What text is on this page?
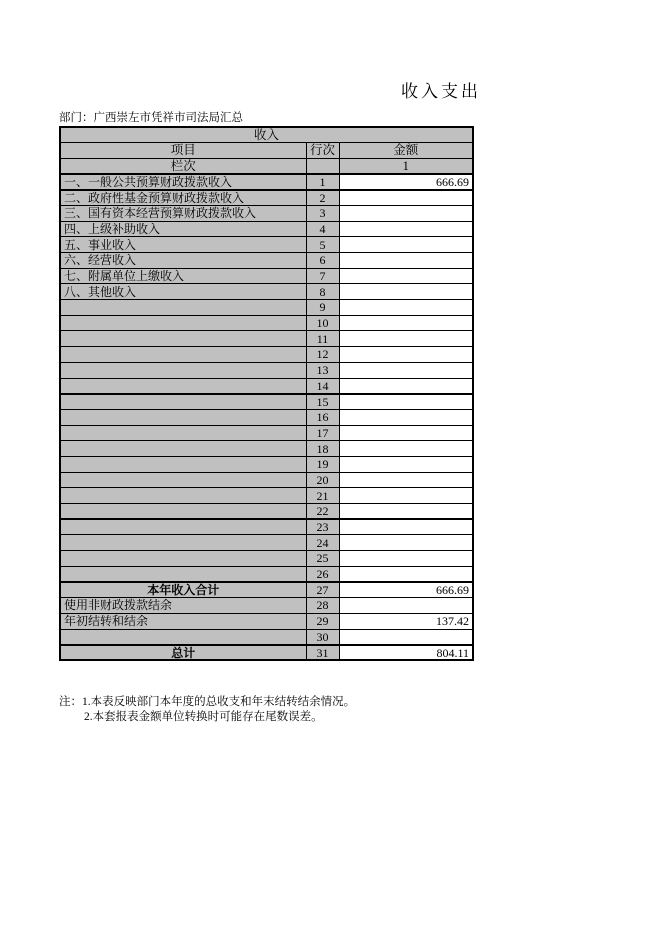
收入支出
部门：广西崇左市凭祥市司法局汇总
收入		
项目	行次	金额
栏次		1
一、一般公共预算财政拨款收入	1	666.69
二、政府性基金预算财政拨款收入	2	
三、国有资本经营预算财政拨款收入	3	
四、上级补助收入	4	
五、事业收入	5	
六、经营收入	6	
七、附属单位上缴收入	7	
八、其他收入	8	
	9	
	10	
	11	
	12	
	13	
	14	
	15	
	16	
	17	
	18	
	19	
	20	
	21	
	22	
	23	
	24	
	25	
	26	
本年收入合计	27	666.69
使用非财政拨款结余	28	
年初结转和结余	29	137.42
	30	
总计	31	804.11
注：1.本表反映部门本年度的总收支和年末结转结余情况。
2.本套报表金额单位转换时可能存在尾数误差。
